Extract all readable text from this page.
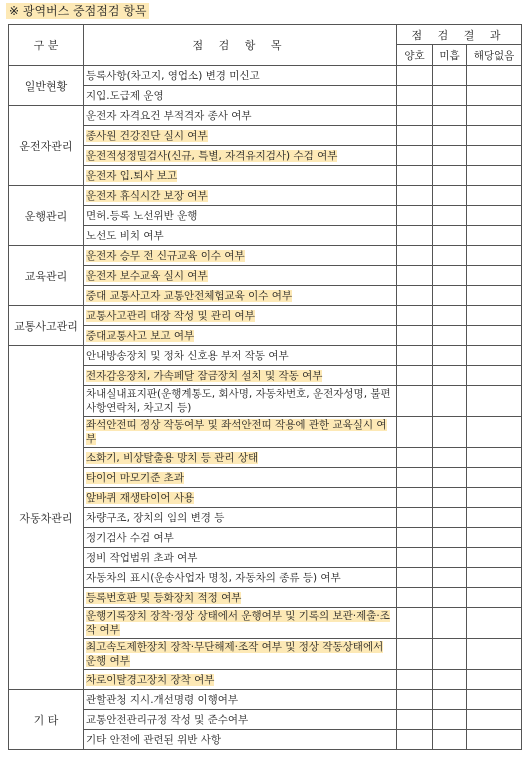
※ 광역버스 중점점검 항목
구 분	점 검 항 목	점 검 결 과		
		양호	미흡	해당없음
일반현황	등록사항(차고지, 영업소) 변경 미신고			
	지입.도급제 운영			
운전자관리	운전자 자격요건 부적격자 종사 여부			
	종사원 건강진단 실시 여부			
	운전적성정밀검사(신규, 특별, 자격유지검사) 수검 여부			
	운전자 입.퇴사 보고			
운행관리	운전자 휴식시간 보장 여부			
	면허.등록 노선위반 운행			
	노선도 비치 여부			
교육관리	운전자 승무 전 신규교육 이수 여부			
	운전자 보수교육 실시 여부			
	중대 교통사고자 교통안전체험교육 이수 여부			
교통사고관리	교통사고관리 대장 작성 및 관리 여부			
	중대교통사고 보고 여부			
자동차관리	안내방송장치 및 정차 신호용 부저 작동 여부			
	전자감응장치, 가속페달 잠금장치 설치 및 작동 여부			
	차내실내표지판(운행계통도, 회사명, 자동차번호, 운전자성명, 불편사항연락처, 차고지 등)			
	좌석안전띠 정상 작동여부 및 좌석안전띠 작용에 관한 교육실시 여부			
	소화기, 비상탈출용 망치 등 관리 상태			
	타이어 마모기준 초과			
	앞바퀴 재생타이어 사용			
	차량구조, 장치의 임의 변경 등			
	정기검사 수검 여부			
	정비 작업범위 초과 여부			
	자동차의 표시(운송사업자 명칭, 자동차의 종류 등) 여부			
	등록번호판 및 등화장치 적정 여부			
	운행기록장치 장착·정상 상태에서 운행여부 및 기록의 보관·제출·조작 여부			
	최고속도제한장치 장착·무단해제·조작 여부 및 정상 작동상태에서 운행 여부			
	차로이탈경고장치 장착 여부			
기 타	관할관청 지시.개선명령 이행여부			
	교통안전관리규정 작성 및 준수여부			
	기타 안전에 관련된 위반 사항			
